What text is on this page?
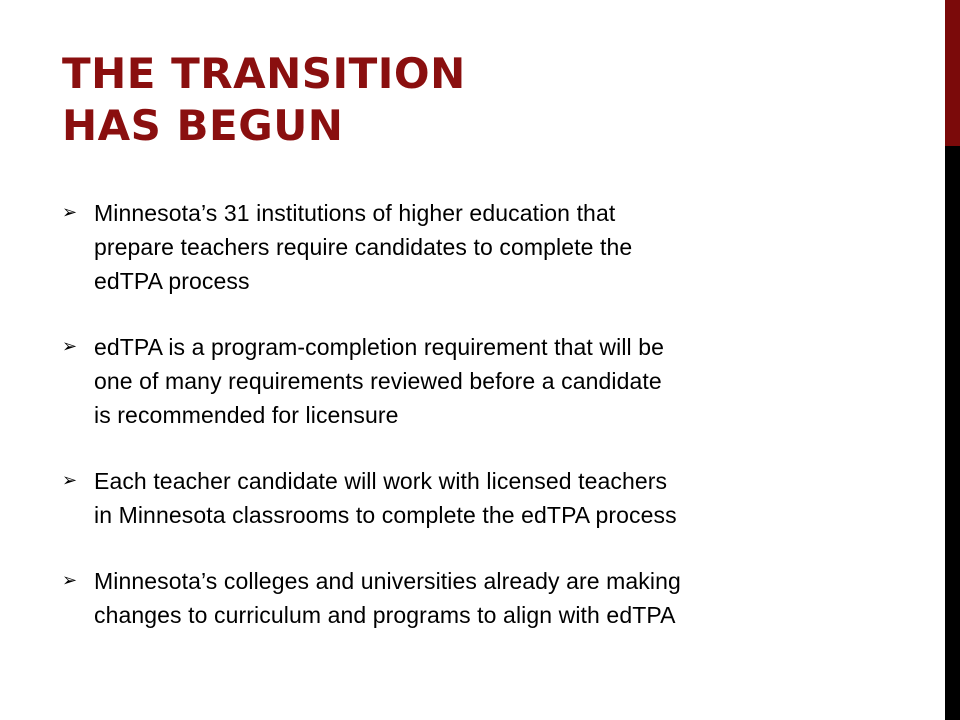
THE TRANSITION
HAS BEGUN
➢ Minnesota’s 31 institutions of higher education that
prepare teachers require candidates to complete the
edTPA process
➢ edTPA is a program-completion requirement that will be
one of many requirements reviewed before a candidate
is recommended for licensure
➢ Each teacher candidate will work with licensed teachers
in Minnesota classrooms to complete the edTPA process
➢ Minnesota’s colleges and universities already are making
changes to curriculum and programs to align with edTPA
